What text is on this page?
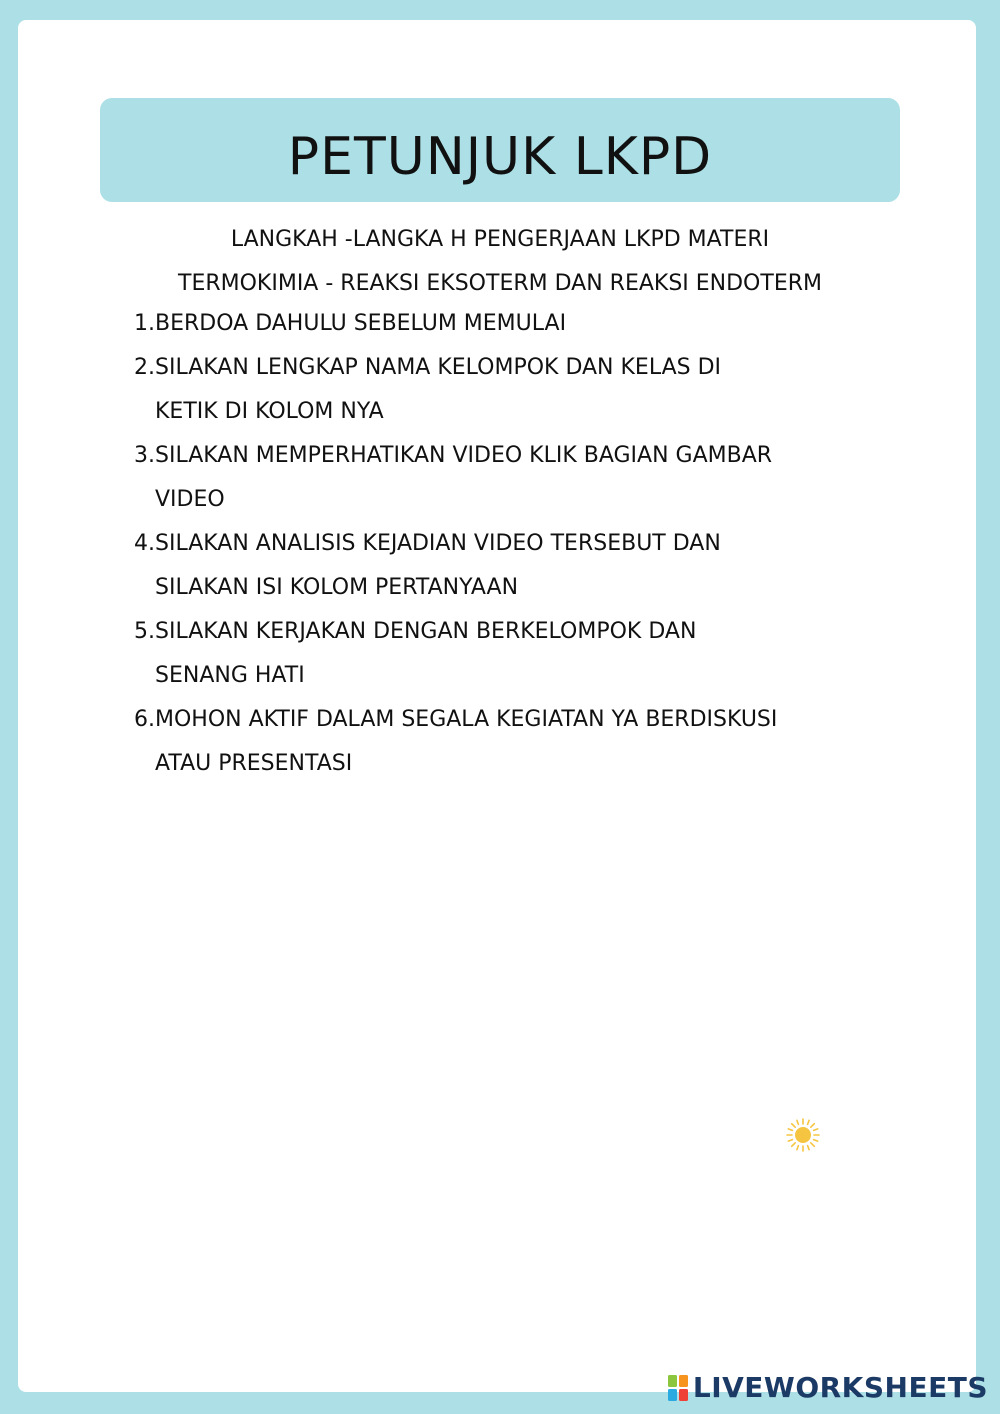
PETUNJUK LKPD
LANGKAH -LANGKA H PENGERJAAN LKPD MATERI
TERMOKIMIA - REAKSI EKSOTERM DAN REAKSI ENDOTERM
1. BERDOA DAHULU SEBELUM MEMULAI
2. SILAKAN LENGKAP NAMA KELOMPOK DAN KELAS DI
KETIK DI KOLOM NYA
3. SILAKAN MEMPERHATIKAN VIDEO KLIK BAGIAN GAMBAR
VIDEO
4. SILAKAN ANALISIS KEJADIAN VIDEO TERSEBUT DAN
SILAKAN ISI KOLOM PERTANYAAN
5. SILAKAN KERJAKAN DENGAN BERKELOMPOK DAN
SENANG HATI
6. MOHON AKTIF DALAM SEGALA KEGIATAN YA BERDISKUSI
ATAU PRESENTASI
LIVEWORKSHEETS
